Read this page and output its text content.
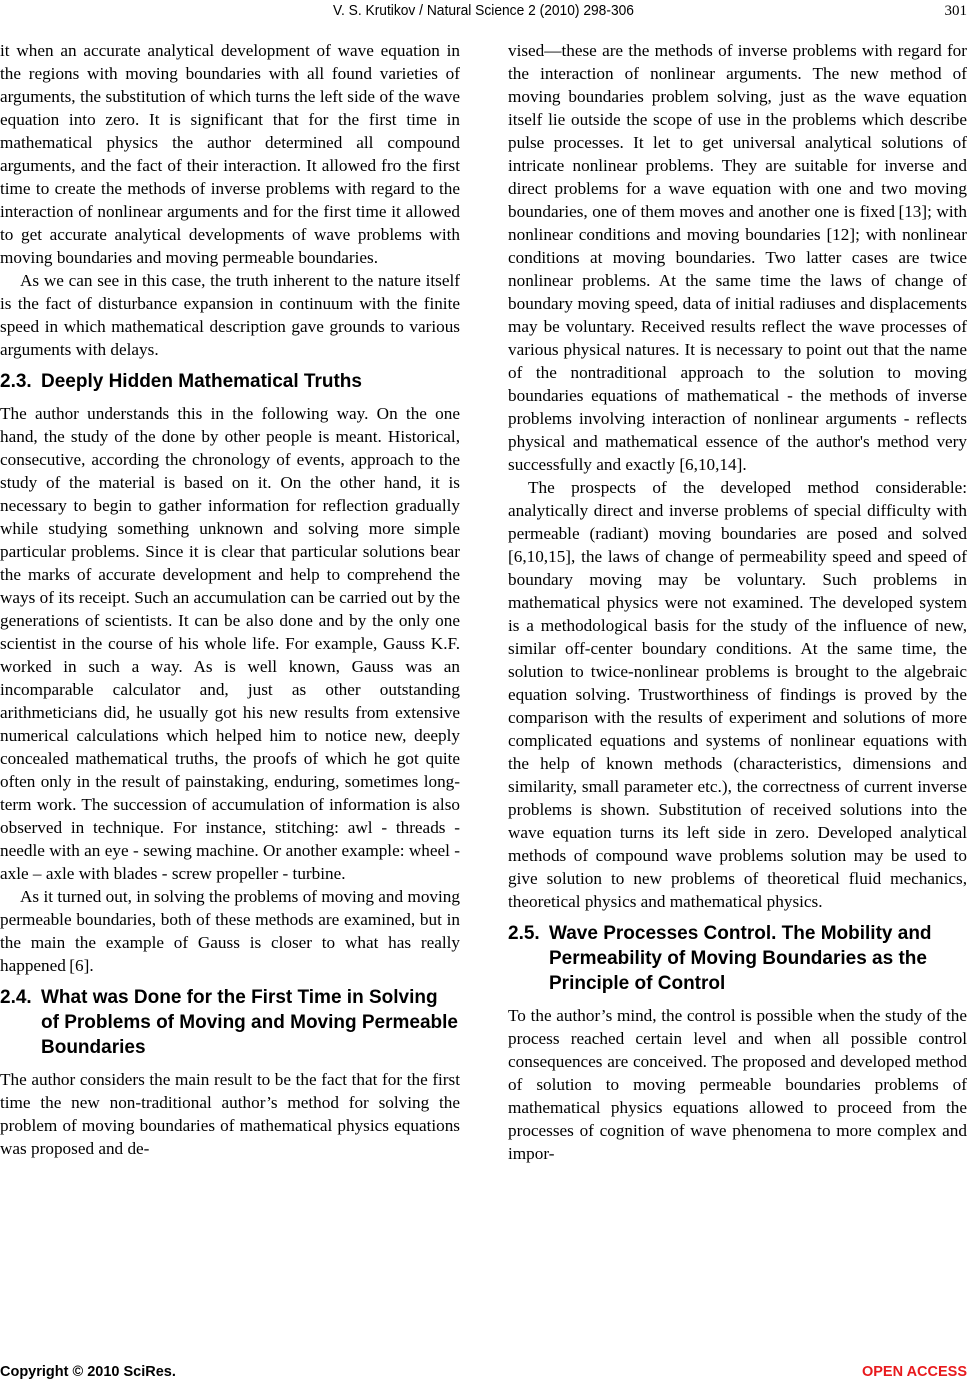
V. S. Krutikov / Natural Science 2 (2010) 298-306	301

it when an accurate analytical development of wave equation in the regions with moving boundaries with all found varieties of arguments, the substitution of which turns the left side of the wave equation into zero. It is significant that for the first time in mathematical physics the author determined all compound arguments, and the fact of their interaction. It allowed fro the first time to create the methods of inverse problems with regard to the interaction of nonlinear arguments and for the first time it allowed to get accurate analytical developments of wave problems with moving boundaries and moving permeable boundaries.

As we can see in this case, the truth inherent to the nature itself is the fact of disturbance expansion in continuum with the finite speed in which mathematical description gave grounds to various arguments with delays.

2.3. Deeply Hidden Mathematical Truths

The author understands this in the following way. On the one hand, the study of the done by other people is meant. Historical, consecutive, according the chronology of events, approach to the study of the material is based on it. On the other hand, it is necessary to begin to gather information for reflection gradually while studying something unknown and solving more simple particular problems. Since it is clear that particular solutions bear the marks of accurate development and help to comprehend the ways of its receipt. Such an accumulation can be carried out by the generations of scientists. It can be also done and by the only one scientist in the course of his whole life. For example, Gauss K.F. worked in such a way. As is well known, Gauss was an incomparable calculator and, just as other outstanding arithmeticians did, he usually got his new results from extensive numerical calculations which helped him to notice new, deeply concealed mathematical truths, the proofs of which he got quite often only in the result of painstaking, enduring, sometimes long-term work. The succession of accumulation of information is also observed in technique. For instance, stitching: awl - threads - needle with an eye - sewing machine. Or another example: wheel - axle – axle with blades - screw propeller - turbine.

As it turned out, in solving the problems of moving and moving permeable boundaries, both of these methods are examined, but in the main the example of Gauss is closer to what has really happened [6].

2.4. What was Done for the First Time in Solving of Problems of Moving and Moving Permeable Boundaries

The author considers the main result to be the fact that for the first time the new non-traditional author’s method for solving the problem of moving boundaries of mathematical physics equations was proposed and de-

vised—these are the methods of inverse problems with regard for the interaction of nonlinear arguments. The new method of moving boundaries problem solving, just as the wave equation itself lie outside the scope of use in the problems which describe pulse processes. It let to get universal analytical solutions of intricate nonlinear problems. They are suitable for inverse and direct problems for a wave equation with one and two moving boundaries, one of them moves and another one is fixed [13]; with nonlinear conditions and moving boundaries [12]; with nonlinear conditions at moving boundaries. Two latter cases are twice nonlinear problems. At the same time the laws of change of boundary moving speed, data of initial radiuses and displacements may be voluntary. Received results reflect the wave processes of various physical natures. It is necessary to point out that the name of the nontraditional approach to the solution to moving boundaries equations of mathematical - the methods of inverse problems involving interaction of nonlinear arguments - reflects physical and mathematical essence of the author's method very successfully and exactly [6,10,14].

The prospects of the developed method considerable: analytically direct and inverse problems of special difficulty with permeable (radiant) moving boundaries are posed and solved [6,10,15], the laws of change of permeability speed and speed of boundary moving may be voluntary. Such problems in mathematical physics were not examined. The developed system is a methodological basis for the study of the influence of new, similar off-center boundary conditions. At the same time, the solution to twice-nonlinear problems is brought to the algebraic equation solving. Trustworthiness of findings is proved by the comparison with the results of experiment and solutions of more complicated equations and systems of nonlinear equations with the help of known methods (characteristics, dimensions and similarity, small parameter etc.), the correctness of current inverse problems is shown. Substitution of received solutions into the wave equation turns its left side in zero. Developed analytical methods of compound wave problems solution may be used to give solution to new problems of theoretical fluid mechanics, theoretical physics and mathematical physics.

2.5. Wave Processes Control. The Mobility and Permeability of Moving Boundaries as the Principle of Control

To the author’s mind, the control is possible when the study of the process reached certain level and when all possible control consequences are conceived. The proposed and developed method of solution to moving permeable boundaries problems of mathematical physics equations allowed to proceed from the processes of cognition of wave phenomena to more complex and impor-

Copyright © 2010 SciRes.	OPEN ACCESS
